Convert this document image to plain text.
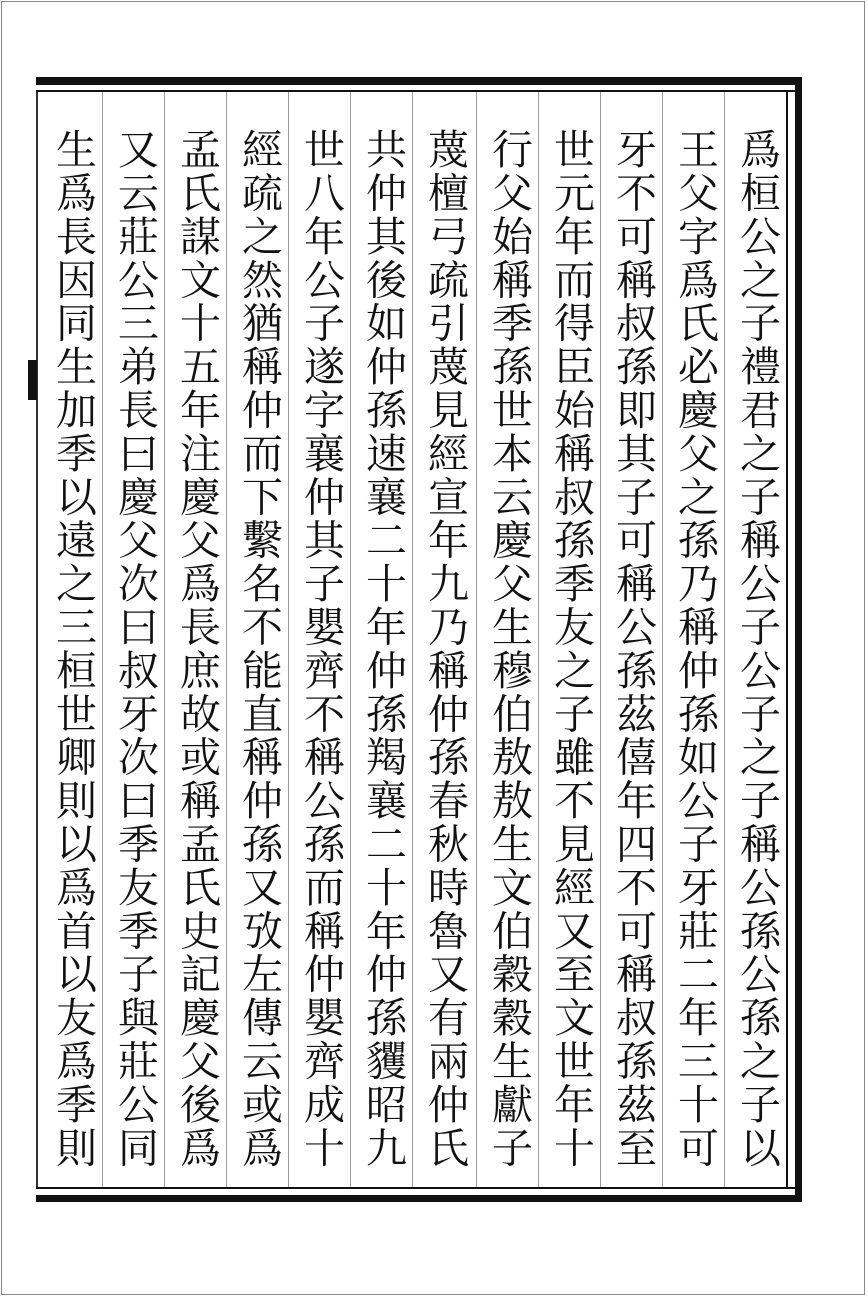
爲桓公之子禮君之子稱公子公子之子稱公孫公孫之子以
王父字爲氏必慶父之孫乃稱仲孫如公子牙莊二年三十可
牙不可稱叔孫即其子可稱公孫茲僖年四不可稱叔孫茲至
世元年而得臣始稱叔孫季友之子雖不見經又至文世年十
行父始稱季孫世本云慶父生穆伯敖敖生文伯穀穀生獻子
蔑檀弓疏引蔑見經宣年九乃稱仲孫春秋時魯又有兩仲氏
共仲其後如仲孫速襄二十年仲孫羯襄二十年仲孫貜昭九
世八年公子遂字襄仲其子嬰齊不稱公孫而稱仲嬰齊成十
經疏之然猶稱仲而下繫名不能直稱仲孫又攷左傳云或爲
孟氏謀文十五年注慶父爲長庶故或稱孟氏史記慶父後爲
又云莊公三弟長曰慶父次曰叔牙次曰季友季子與莊公同
生爲長因同生加季以遠之三桓世卿則以爲首以友爲季則
